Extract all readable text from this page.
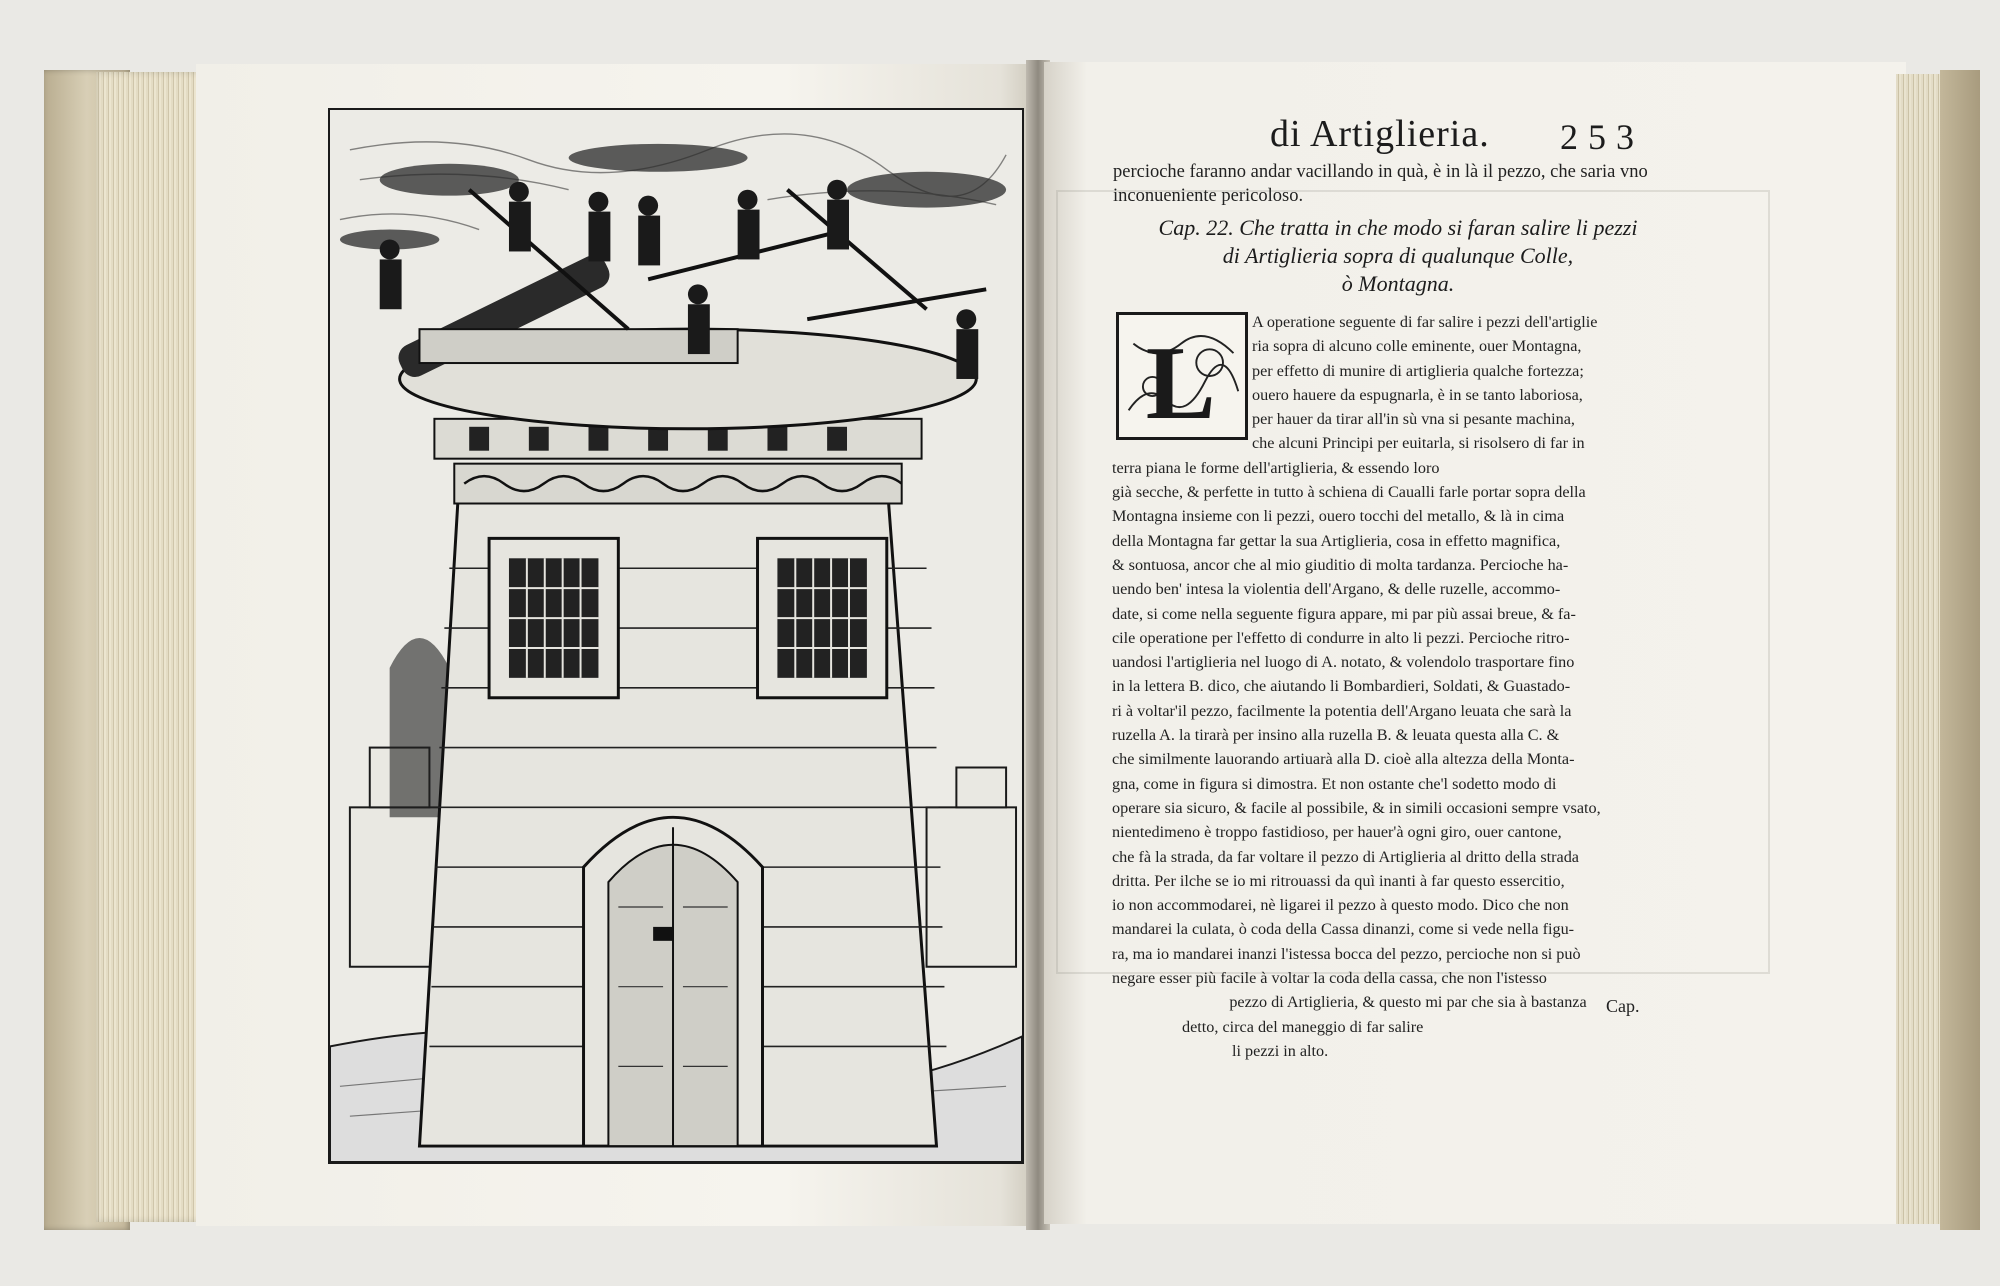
di Artiglieria.	253
percioche faranno andar vacillando in quà, è in là il pezzo, che saria vno
inconueniente pericoloso.
Cap. 22. Che tratta in che modo si faran salire li pezzi
di Artiglieria sopra di qualunque Colle,
ò Montagna.
L
A operatione seguente di far salire i pezzi dell'artiglie
ria sopra di alcuno colle eminente, ouer Montagna,
per effetto di munire di artiglieria qualche fortezza;
ouero hauere da espugnarla, è in se tanto laboriosa,
per hauer da tirar all'in sù vna si pesante machina,
che alcuni Principi per euitarla, si risolsero di far in
terra piana le forme dell'artiglieria, & essendo loro
già secche, & perfette in tutto à schiena di Caualli farle portar sopra della
Montagna insieme con li pezzi, ouero tocchi del metallo, & là in cima
della Montagna far gettar la sua Artiglieria, cosa in effetto magnifica,
& sontuosa, ancor che al mio giuditio di molta tardanza. Percioche ha-
uendo ben' intesa la violentia dell'Argano, & delle ruzelle, accommo-
date, si come nella seguente figura appare, mi par più assai breue, & fa-
cile operatione per l'effetto di condurre in alto li pezzi. Percioche ritro-
uandosi l'artiglieria nel luogo di A. notato, & volendolo trasportare fino
in la lettera B. dico, che aiutando li Bombardieri, Soldati, & Guastado-
ri à voltar'il pezzo, facilmente la potentia dell'Argano leuata che sarà la
ruzella A. la tirarà per insino alla ruzella B. & leuata questa alla C. &
che similmente lauorando artiuarà alla D. cioè alla altezza della Monta-
gna, come in figura si dimostra. Et non ostante che'l sodetto modo di
operare sia sicuro, & facile al possibile, & in simili occasioni sempre vsato,
nientedimeno è troppo fastidioso, per hauer'à ogni giro, ouer cantone,
che fà la strada, da far voltare il pezzo di Artiglieria al dritto della strada
dritta. Per ilche se io mi ritrouassi da quì inanti à far questo essercitio,
io non accommodarei, nè ligarei il pezzo à questo modo. Dico che non
mandarei la culata, ò coda della Cassa dinanzi, come si vede nella figu-
ra, ma io mandarei inanzi l'istessa bocca del pezzo, percioche non si può
negare esser più facile à voltar la coda della cassa, che non l'istesso
pezzo di Artiglieria, & questo mi par che sia à bastanza
detto, circa del maneggio di far salire
li pezzi in alto.
Cap.
